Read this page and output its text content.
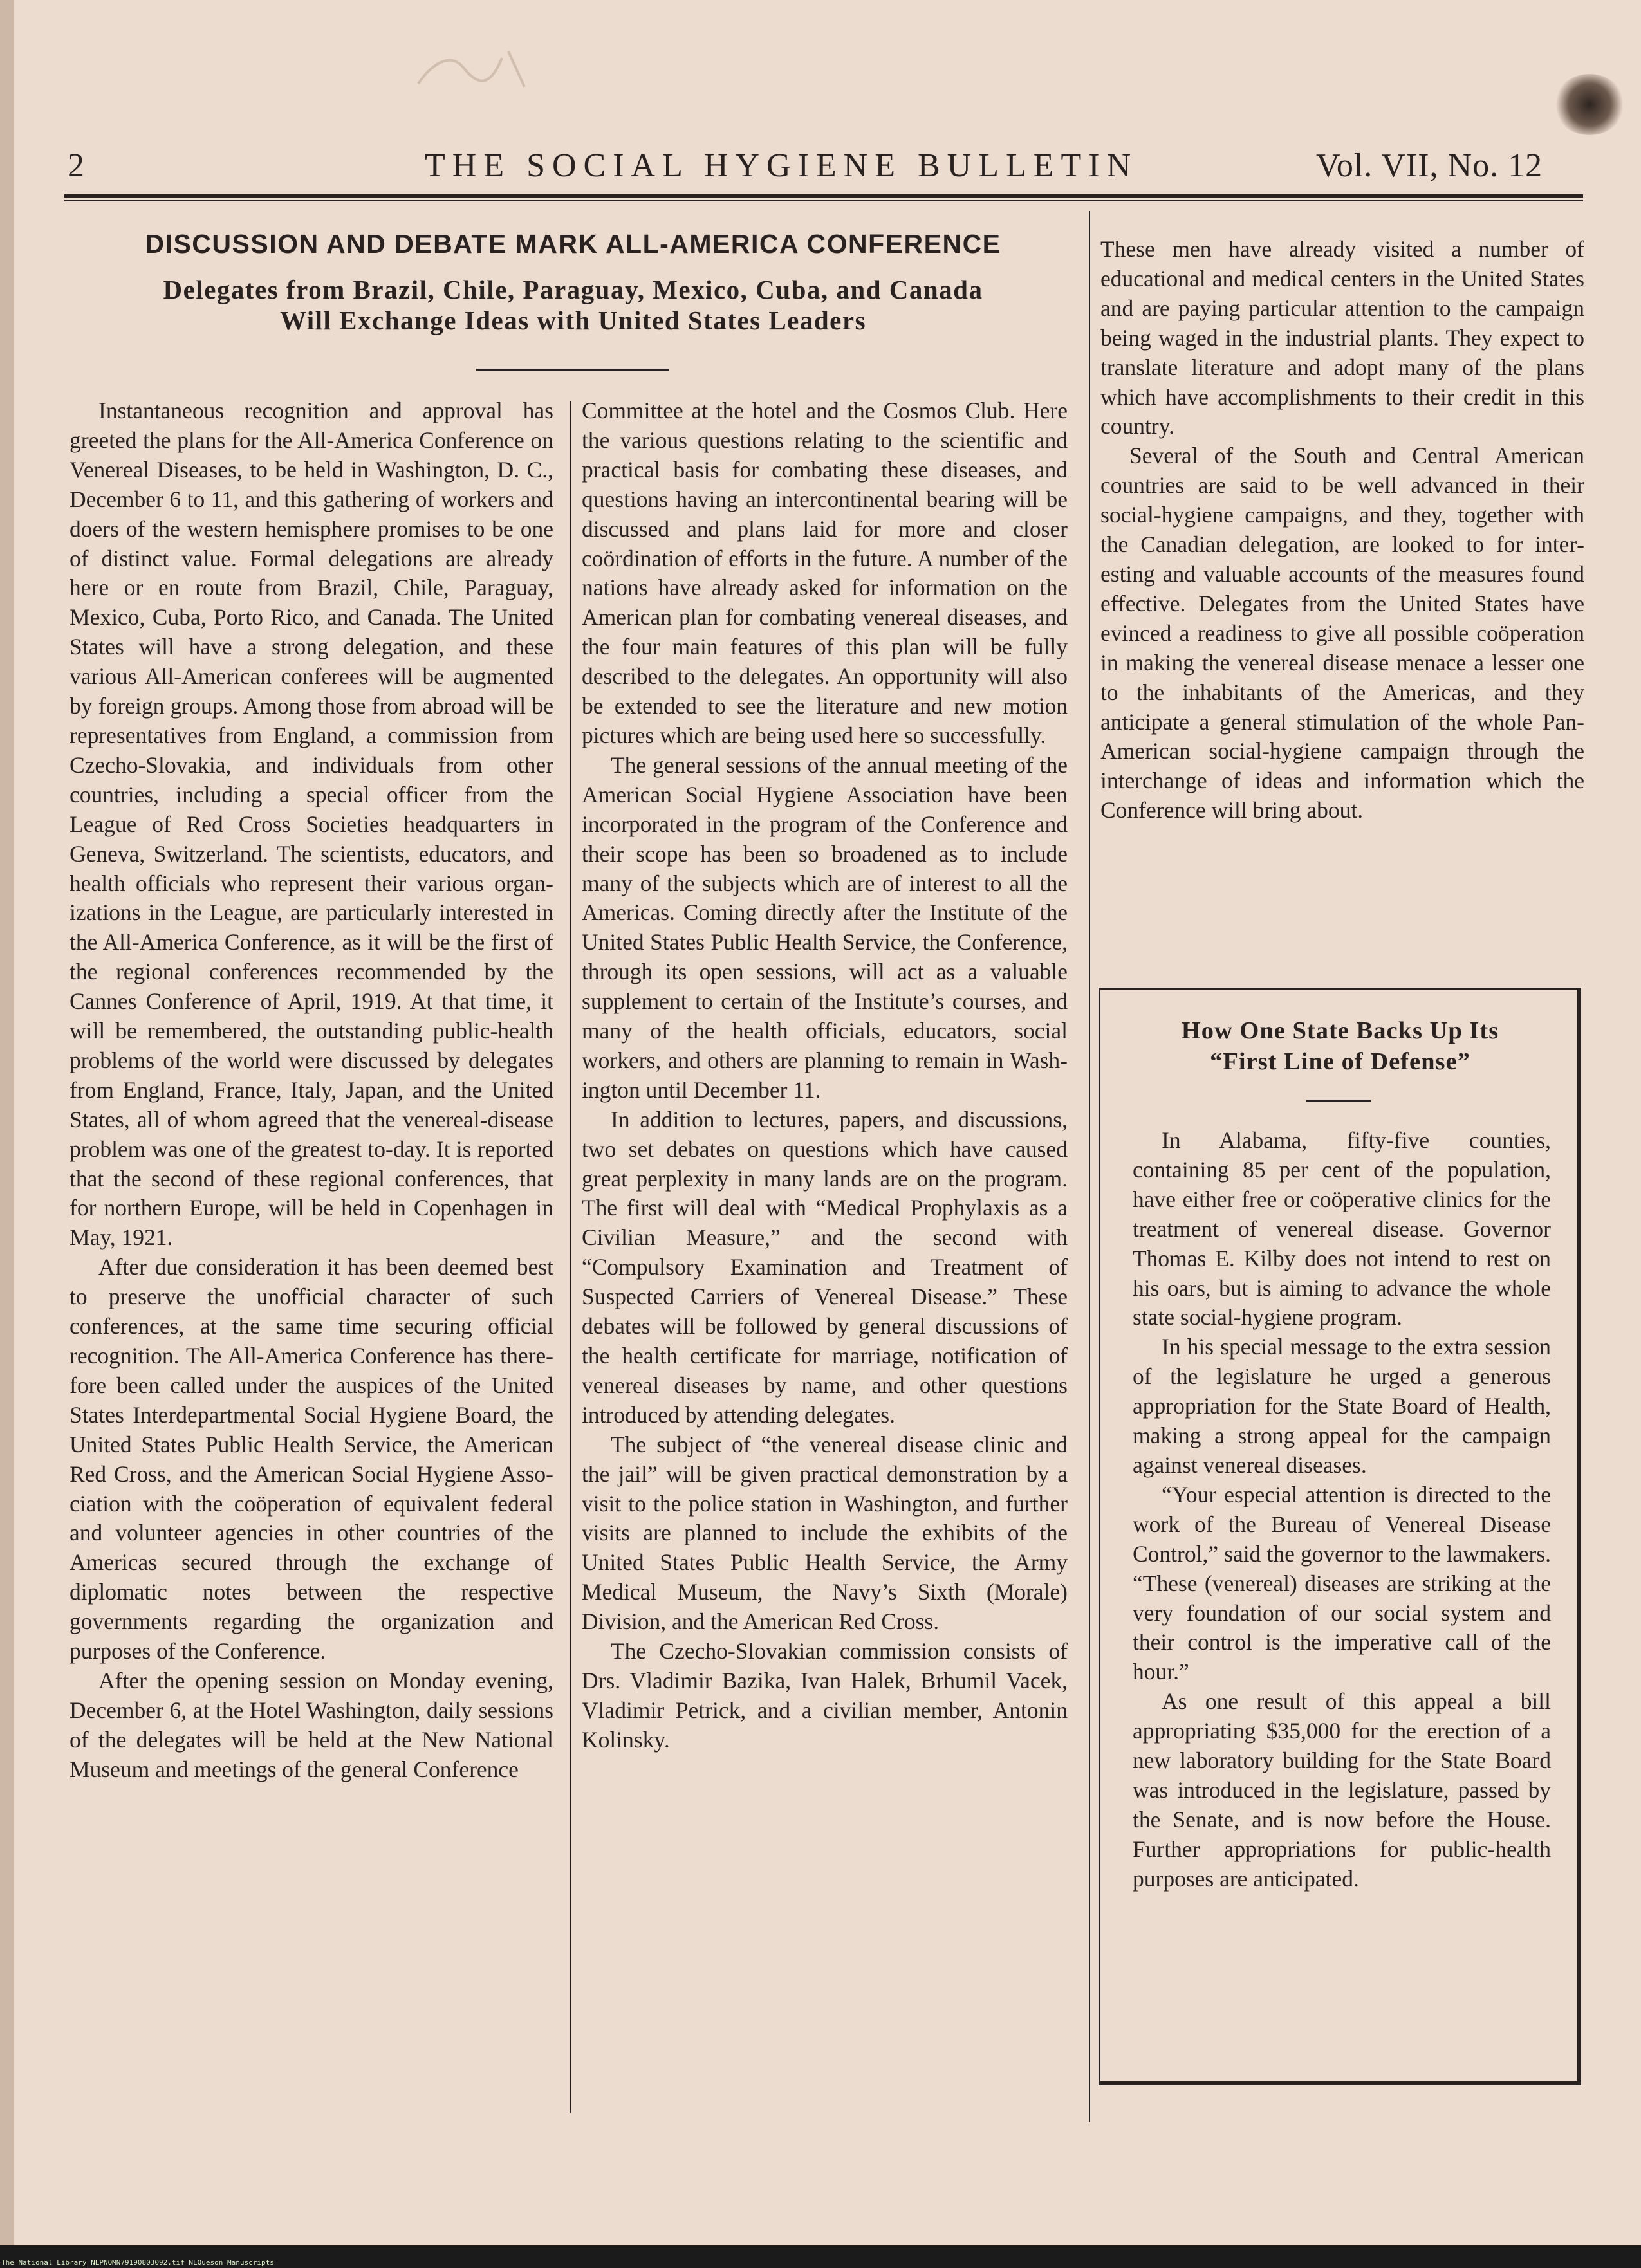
2	THE SOCIAL HYGIENE BULLETIN	Vol. VII, No. 12
DISCUSSION AND DEBATE MARK ALL-AMERICA CONFERENCE
Delegates from Brazil, Chile, Paraguay, Mexico, Cuba, and Canada
Will Exchange Ideas with United States Leaders

Instantaneous recognition and approval has greeted the plans for the All-America Conference on Venereal Diseases, to be held in Washington, D. C., December 6 to 11, and this gathering of workers and doers of the western hemisphere promises to be one of distinct value. Formal delegations are already here or en route from Brazil, Chile, Paraguay, Mexico, Cuba, Porto Rico, and Canada. The United States will have a strong delegation, and these various All-American conferees will be augmented by foreign groups. Among those from abroad will be representatives from England, a commission from Czecho-Slovakia, and individuals from other countries, including a special officer from the League of Red Cross Societies headquarters in Geneva, Switzerland. The scientists, educators, and health officials who represent their various organizations in the League, are particularly interested in the All-America Conference, as it will be the first of the regional conferences recommended by the Cannes Conference of April, 1919. At that time, it will be remembered, the outstanding public-health problems of the world were discussed by delegates from England, France, Italy, Japan, and the United States, all of whom agreed that the venereal-disease problem was one of the greatest to-day. It is reported that the second of these regional conferences, that for northern Europe, will be held in Copenhagen in May, 1921.

After due consideration it has been deemed best to preserve the unofficial character of such conferences, at the same time securing official recognition. The All-America Conference has therefore been called under the auspices of the United States Interdepartmental Social Hygiene Board, the United States Public Health Service, the American Red Cross, and the American Social Hygiene Association with the coöperation of equivalent federal and volunteer agencies in other countries of the Americas secured through the exchange of diplomatic notes between the respective governments regarding the organization and purposes of the Conference.

After the opening session on Monday evening, December 6, at the Hotel Washington, daily sessions of the delegates will be held at the New National Museum and meetings of the general Conference

Committee at the hotel and the Cosmos Club. Here the various questions relating to the scientific and practical basis for combating these diseases, and questions having an intercontinental bearing will be discussed and plans laid for more and closer coördination of efforts in the future. A number of the nations have already asked for information on the American plan for combating venereal diseases, and the four main features of this plan will be fully described to the delegates. An opportunity will also be extended to see the literature and new motion pictures which are being used here so successfully.

The general sessions of the annual meeting of the American Social Hygiene Association have been incorporated in the program of the Conference and their scope has been so broadened as to include many of the subjects which are of interest to all the Americas. Coming directly after the Institute of the United States Public Health Service, the Conference, through its open sessions, will act as a valuable supplement to certain of the Institute’s courses, and many of the health officials, educators, social workers, and others are planning to remain in Washington until December 11.

In addition to lectures, papers, and discussions, two set debates on questions which have caused great perplexity in many lands are on the program. The first will deal with “Medical Prophylaxis as a Civilian Measure,” and the second with “Compulsory Examination and Treatment of Suspected Carriers of Venereal Disease.” These debates will be followed by general discussions of the health certificate for marriage, notification of venereal diseases by name, and other questions introduced by attending delegates.

The subject of “the venereal disease clinic and the jail” will be given practical demonstration by a visit to the police station in Washington, and further visits are planned to include the exhibits of the United States Public Health Service, the Army Medical Museum, the Navy’s Sixth (Morale) Division, and the American Red Cross.

The Czecho-Slovakian commission consists of Drs. Vladimir Bazika, Ivan Halek, Brhumil Vacek, Vladimir Petrick, and a civilian member, Antonin Kolinsky.

These men have already visited a number of educational and medical centers in the United States and are paying particular attention to the campaign being waged in the industrial plants. They expect to translate literature and adopt many of the plans which have accomplishments to their credit in this country.

Several of the South and Central American countries are said to be well advanced in their social-hygiene campaigns, and they, together with the Canadian delegation, are looked to for interesting and valuable accounts of the measures found effective. Delegates from the United States have evinced a readiness to give all possible coöperation in making the venereal disease menace a lesser one to the inhabitants of the Americas, and they anticipate a general stimulation of the whole Pan-American social-hygiene campaign through the interchange of ideas and information which the Conference will bring about.

How One State Backs Up Its
“First Line of Defense”

In Alabama, fifty-five counties, containing 85 per cent of the population, have either free or coöperative clinics for the treatment of venereal disease. Governor Thomas E. Kilby does not intend to rest on his oars, but is aiming to advance the whole state social-hygiene program.

In his special message to the extra session of the legislature he urged a generous appropriation for the State Board of Health, making a strong appeal for the campaign against venereal diseases.

“Your especial attention is directed to the work of the Bureau of Venereal Disease Control,” said the governor to the lawmakers. “These (venereal) diseases are striking at the very foundation of our social system and their control is the imperative call of the hour.”

As one result of this appeal a bill appropriating $35,000 for the erection of a new laboratory building for the State Board was introduced in the legislature, passed by the Senate, and is now before the House. Further appropriations for public-health purposes are anticipated.

The National Library NLPNQMN79190803092.tif NLQueson Manuscripts
